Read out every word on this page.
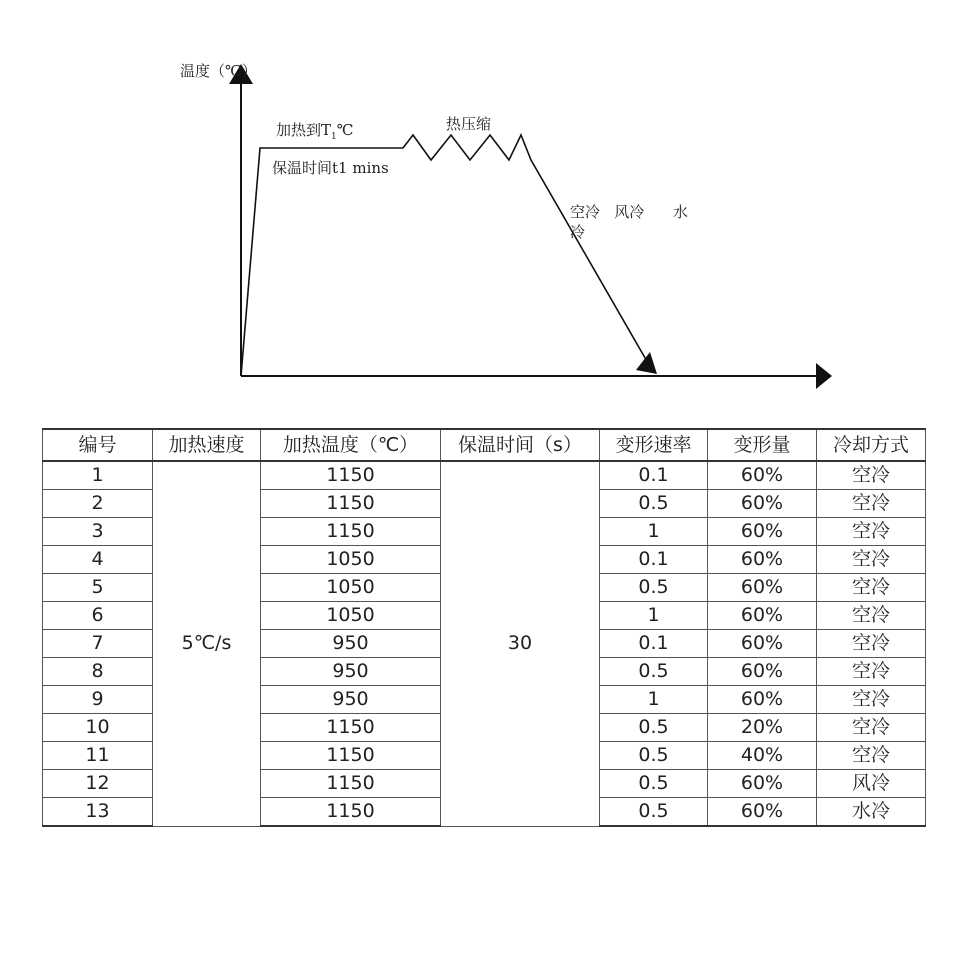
温度（℃）
加热到$T_1℃$
保温时间t1 mins
热压缩
空冷   风冷      水
冷
编号	加热速度	加热温度（℃）	保温时间（s）	变形速率	变形量	冷却方式
1	5℃/s	1150	30	0.1	60%	空冷
2		1150		0.5	60%	空冷
3		1150		1	60%	空冷
4		1050		0.1	60%	空冷
5		1050		0.5	60%	空冷
6		1050		1	60%	空冷
7		950		0.1	60%	空冷
8		950		0.5	60%	空冷
9		950		1	60%	空冷
10		1150		0.5	20%	空冷
11		1150		0.5	40%	空冷
12		1150		0.5	60%	风冷
13		1150		0.5	60%	水冷
